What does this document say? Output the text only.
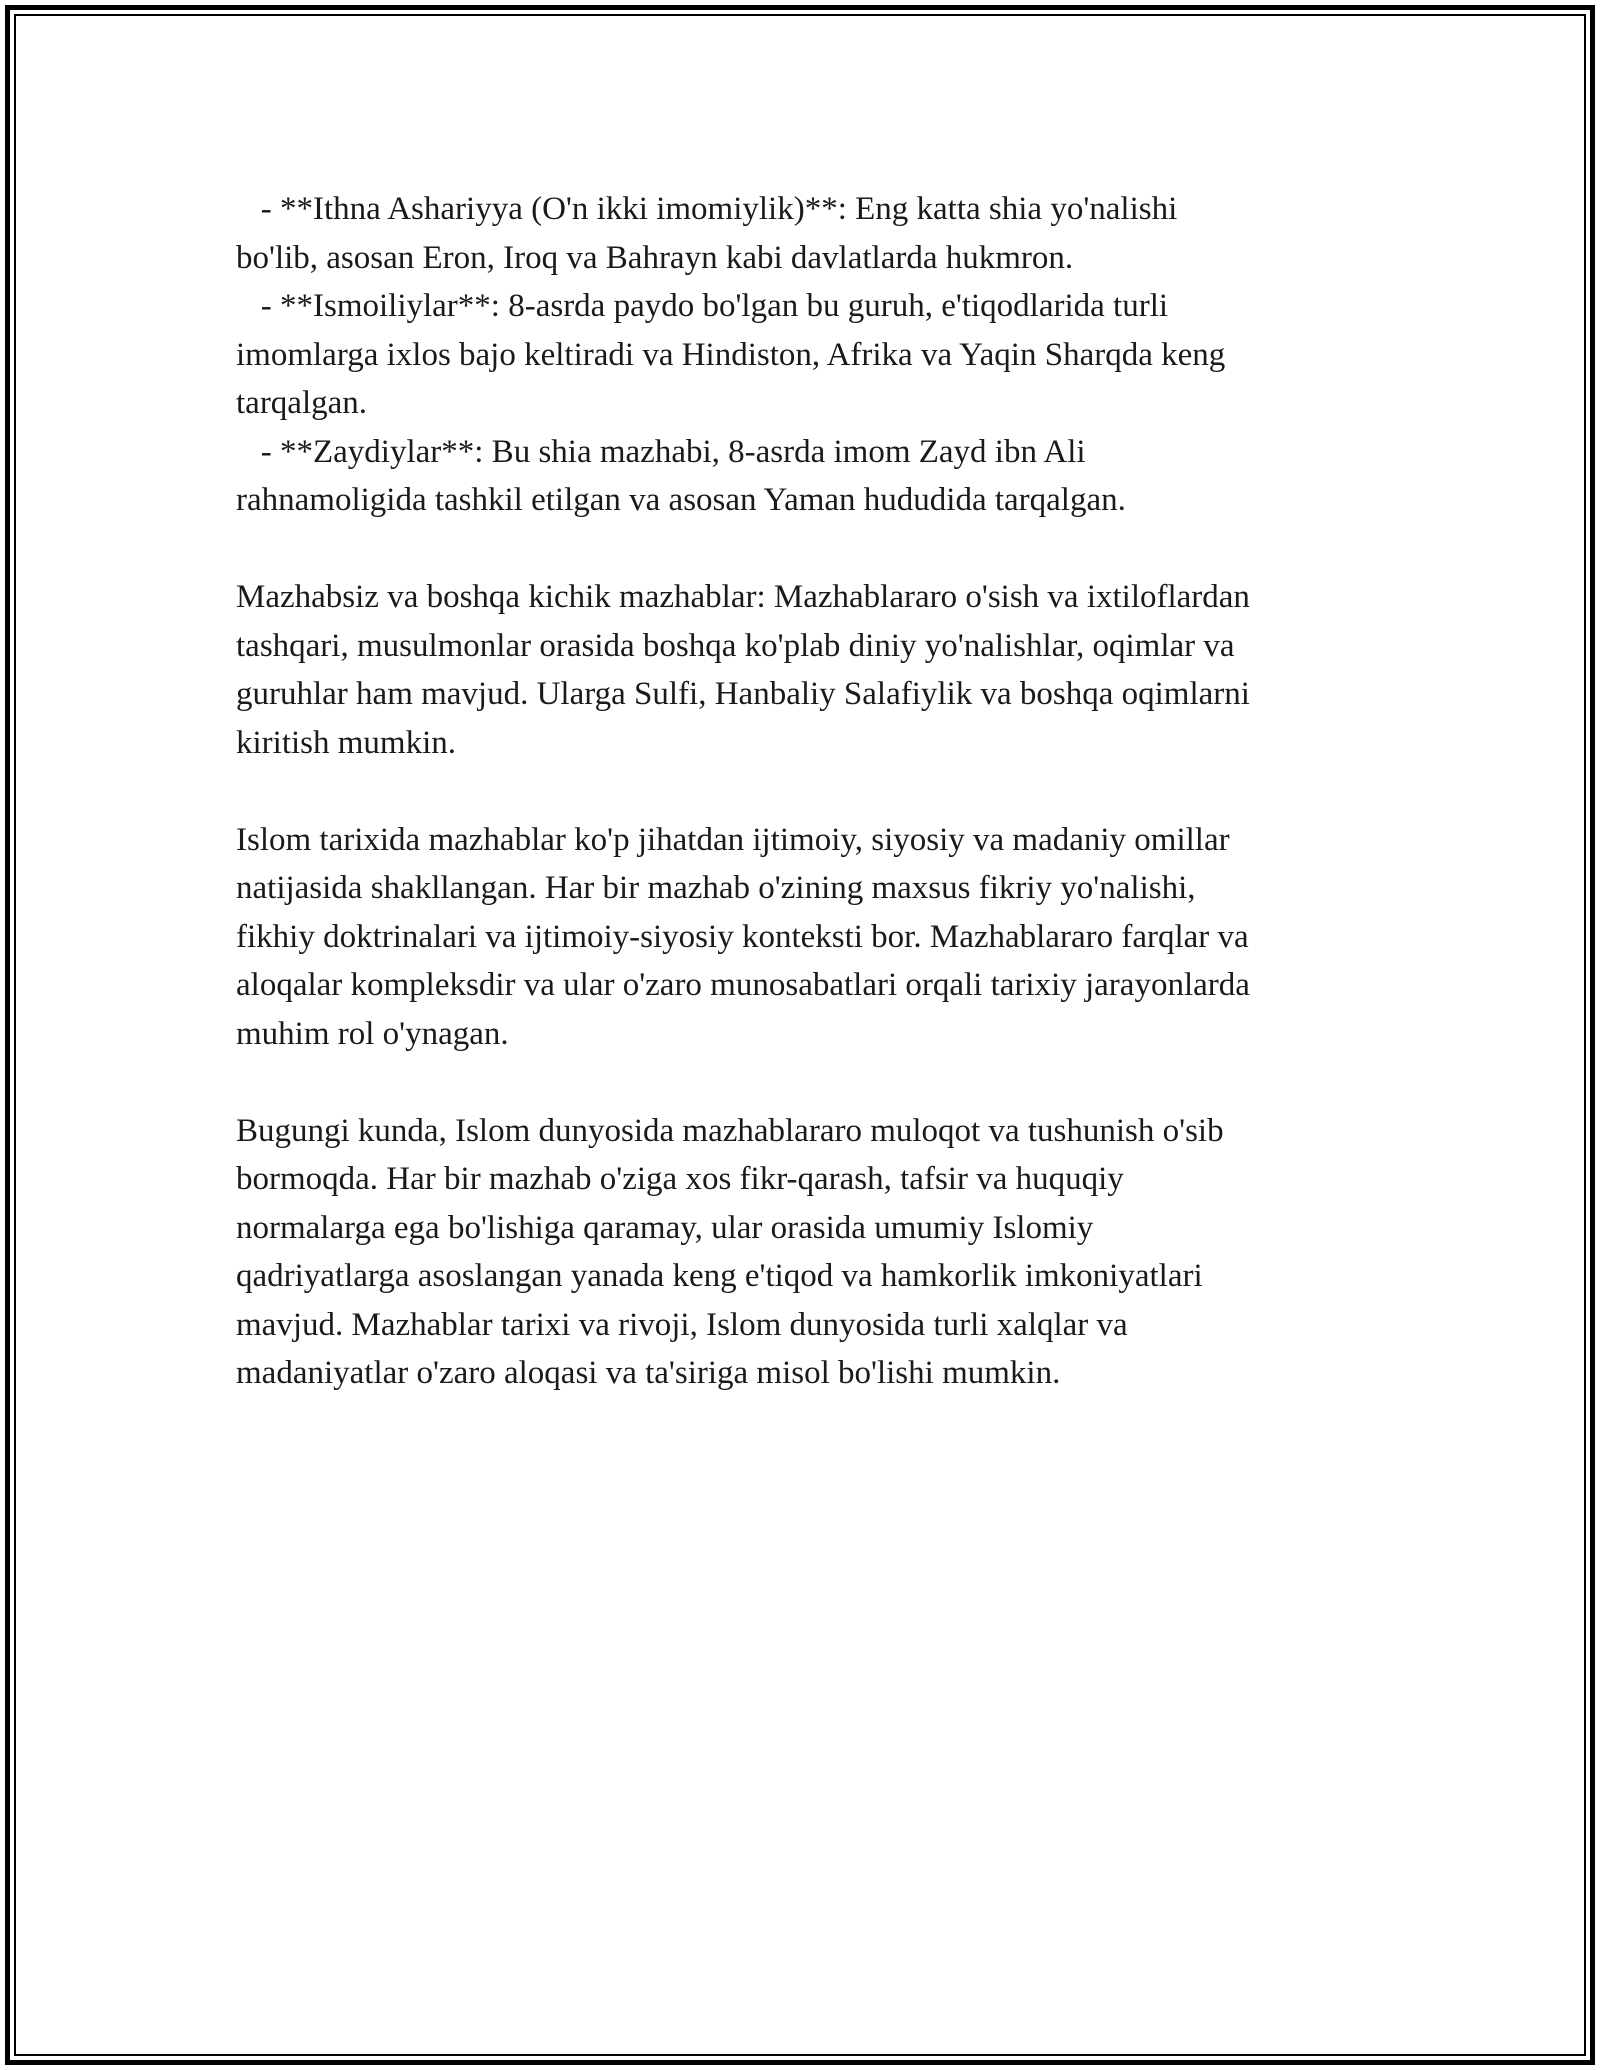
- **Ithna Ashariyya (O'n ikki imomiylik)**: Eng katta shia yo'nalishi
bo'lib, asosan Eron, Iroq va Bahrayn kabi davlatlarda hukmron.
- **Ismoiliylar**: 8-asrda paydo bo'lgan bu guruh, e'tiqodlarida turli
imomlarga ixlos bajo keltiradi va Hindiston, Afrika va Yaqin Sharqda keng
tarqalgan.
- **Zaydiylar**: Bu shia mazhabi, 8-asrda imom Zayd ibn Ali
rahnamoligida tashkil etilgan va asosan Yaman hududida tarqalgan.
Mazhabsiz va boshqa kichik mazhablar: Mazhablararo o'sish va ixtiloflardan
tashqari, musulmonlar orasida boshqa ko'plab diniy yo'nalishlar, oqimlar va
guruhlar ham mavjud. Ularga Sulfi, Hanbaliy Salafiylik va boshqa oqimlarni
kiritish mumkin.
Islom tarixida mazhablar ko'p jihatdan ijtimoiy, siyosiy va madaniy omillar
natijasida shakllangan. Har bir mazhab o'zining maxsus fikriy yo'nalishi,
fikhiy doktrinalari va ijtimoiy-siyosiy konteksti bor. Mazhablararo farqlar va
aloqalar kompleksdir va ular o'zaro munosabatlari orqali tarixiy jarayonlarda
muhim rol o'ynagan.
Bugungi kunda, Islom dunyosida mazhablararo muloqot va tushunish o'sib
bormoqda. Har bir mazhab o'ziga xos fikr-qarash, tafsir va huquqiy
normalarga ega bo'lishiga qaramay, ular orasida umumiy Islomiy
qadriyatlarga asoslangan yanada keng e'tiqod va hamkorlik imkoniyatlari
mavjud. Mazhablar tarixi va rivoji, Islom dunyosida turli xalqlar va
madaniyatlar o'zaro aloqasi va ta'siriga misol bo'lishi mumkin.
